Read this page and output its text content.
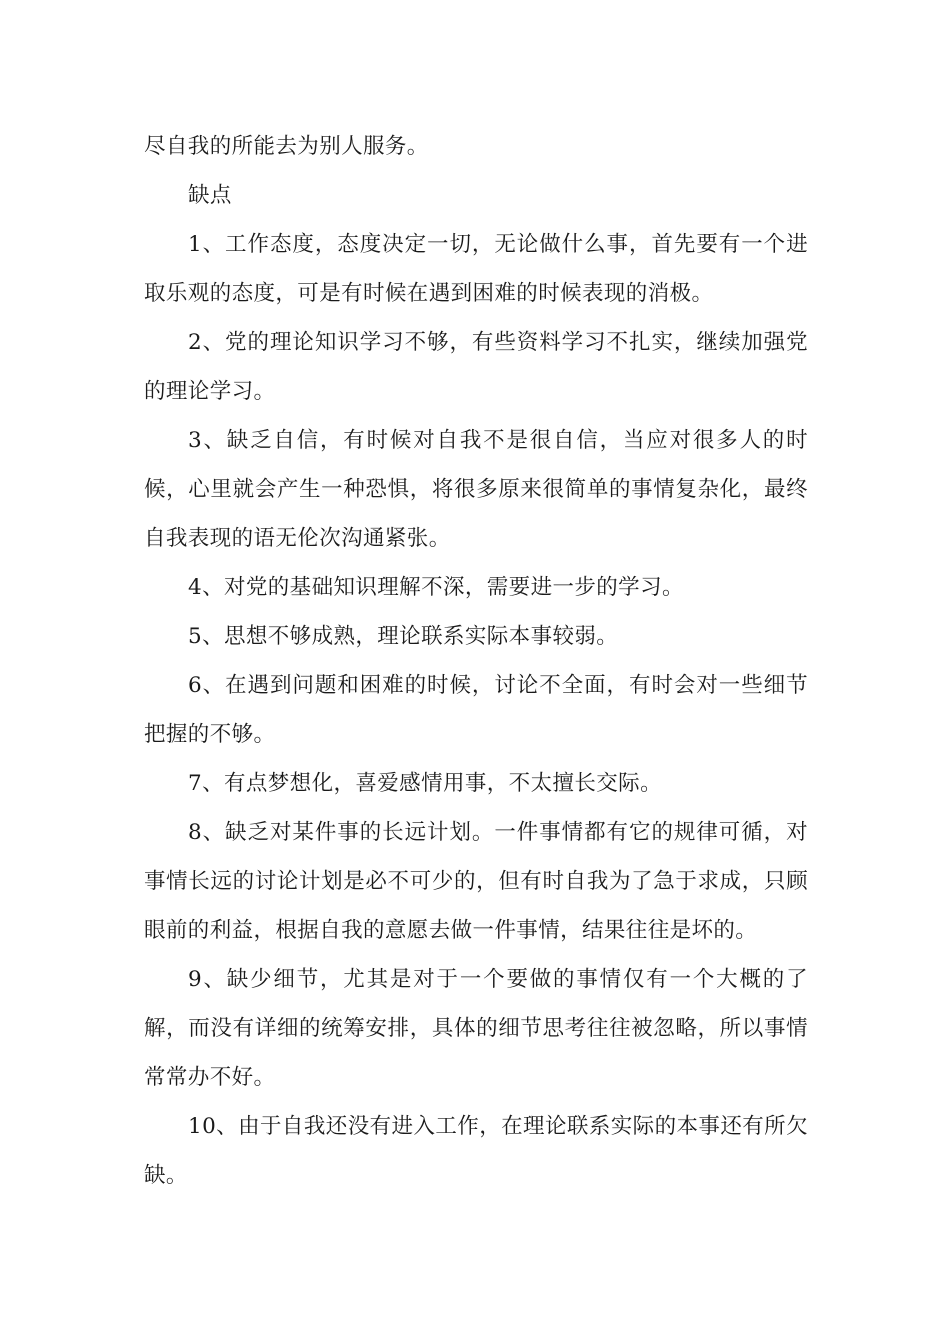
尽自我的所能去为别人服务。

缺点

1、工作态度，态度决定一切，无论做什么事，首先要有一个进取乐观的态度，可是有时候在遇到困难的时候表现的消极。

2、党的理论知识学习不够，有些资料学习不扎实，继续加强党的理论学习。

3、缺乏自信，有时候对自我不是很自信，当应对很多人的时候，心里就会产生一种恐惧，将很多原来很简单的事情复杂化，最终自我表现的语无伦次沟通紧张。

4、对党的基础知识理解不深，需要进一步的学习。

5、思想不够成熟，理论联系实际本事较弱。

6、在遇到问题和困难的时候，讨论不全面，有时会对一些细节把握的不够。

7、有点梦想化，喜爱感情用事，不太擅长交际。

8、缺乏对某件事的长远计划。一件事情都有它的规律可循，对事情长远的讨论计划是必不可少的，但有时自我为了急于求成，只顾眼前的利益，根据自我的意愿去做一件事情，结果往往是坏的。

9、缺少细节，尤其是对于一个要做的事情仅有一个大概的了解，而没有详细的统筹安排，具体的细节思考往往被忽略，所以事情常常办不好。

10、由于自我还没有进入工作，在理论联系实际的本事还有所欠缺。
